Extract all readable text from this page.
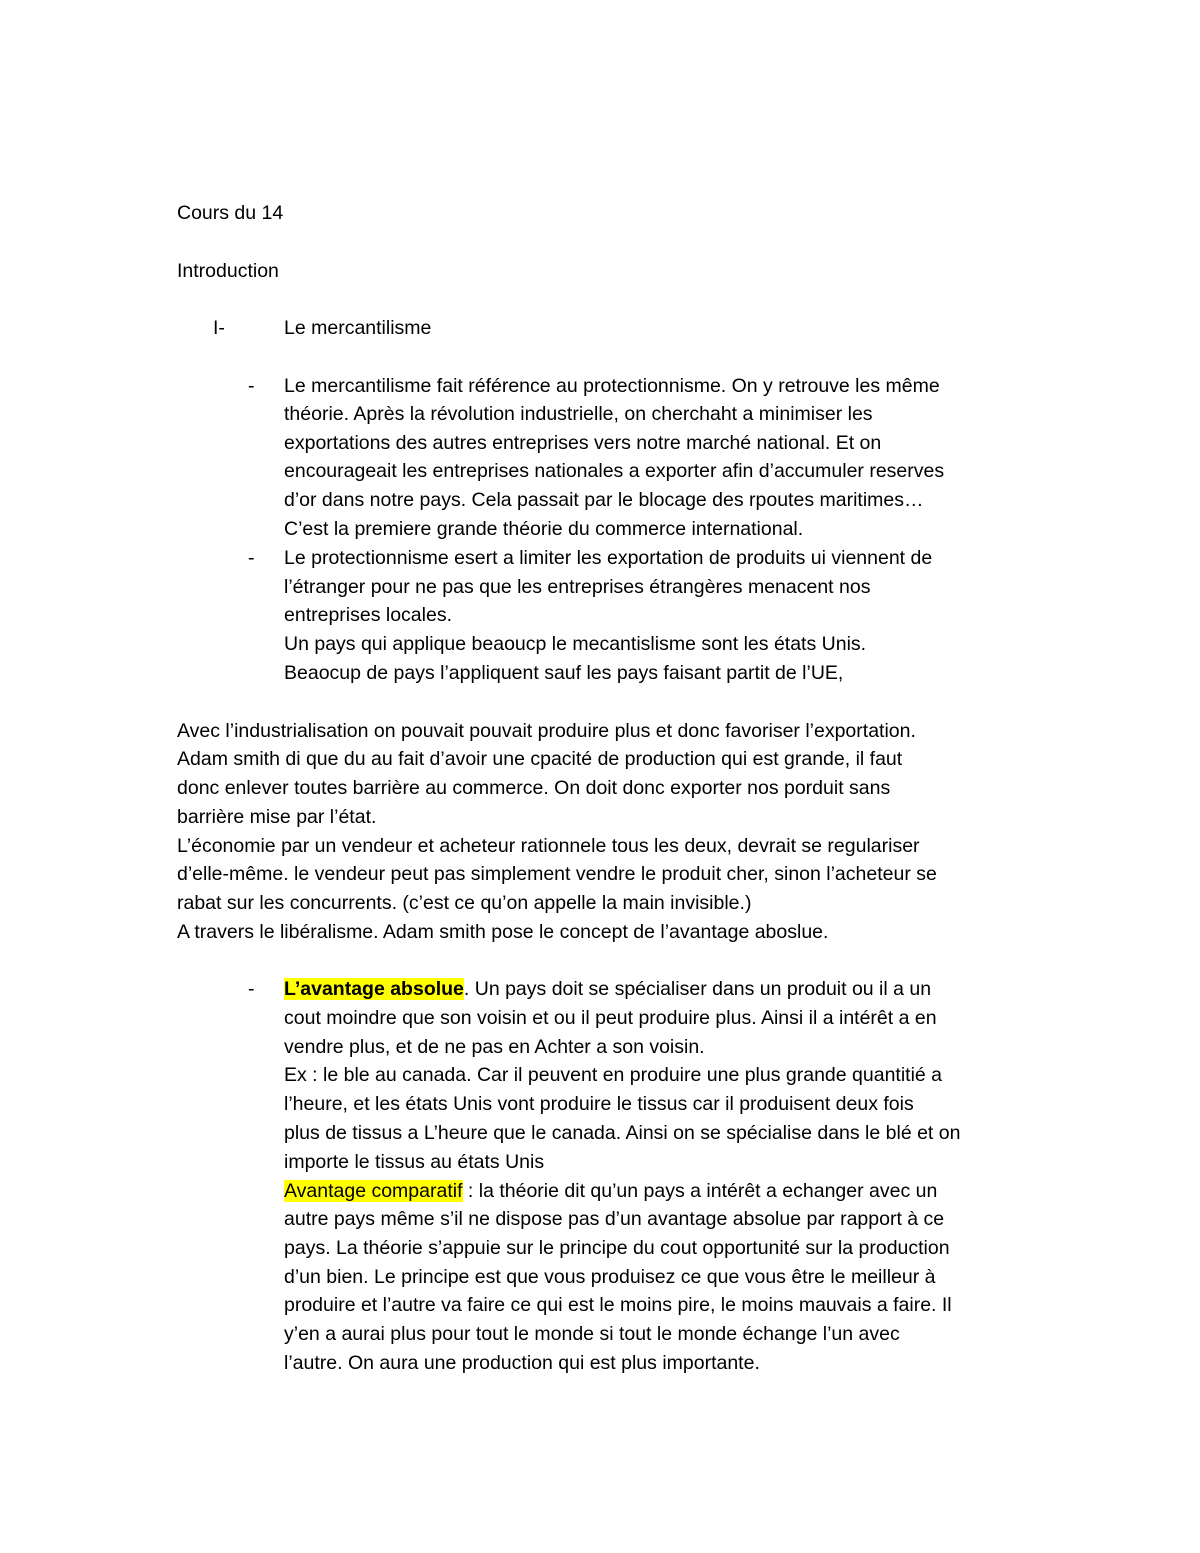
Cours du 14
Introduction
I-	Le mercantilisme
- Le mercantilisme fait référence au protectionnisme. On y retrouve les même
théorie. Après la révolution industrielle, on cherchaht a minimiser les
exportations des autres entreprises vers notre marché national. Et on
encourageait les entreprises nationales a exporter afin d’accumuler reserves
d’or dans notre pays. Cela passait par le blocage des rpoutes maritimes…
C’est la premiere grande théorie du commerce international.
- Le protectionnisme esert a limiter les exportation de produits ui viennent de
l’étranger pour ne pas que les entreprises étrangères menacent nos
entreprises locales.
Un pays qui applique beaoucp le mecantislisme sont les états Unis.
Beaocup de pays l’appliquent sauf les pays faisant partit de l’UE,
Avec l’industrialisation on pouvait pouvait produire plus et donc favoriser l’exportation.
Adam smith di que du au fait d’avoir une cpacité de production qui est grande, il faut
donc enlever toutes barrière au commerce. On doit donc exporter nos porduit sans
barrière mise par l’état.
L’économie par un vendeur et acheteur rationnele tous les deux, devrait se regulariser
d’elle-même. le vendeur peut pas simplement vendre le produit cher, sinon l’acheteur se
rabat sur les concurrents. (c’est ce qu’on appelle la main invisible.)
A travers le libéralisme. Adam smith pose le concept de l’avantage aboslue.
- L’avantage absolue. Un pays doit se spécialiser dans un produit ou il a un
cout moindre que son voisin et ou il peut produire plus. Ainsi il a intérêt a en
vendre plus, et de ne pas en Achter a son voisin.
Ex : le ble au canada. Car il peuvent en produire une plus grande quantitié a
l’heure, et les états Unis vont produire le tissus car il produisent deux fois
plus de tissus a L’heure que le canada. Ainsi on se spécialise dans le blé et on
importe le tissus au états Unis
Avantage comparatif : la théorie dit qu’un pays a intérêt a echanger avec un
autre pays même s’il ne dispose pas d’un avantage absolue par rapport à ce
pays. La théorie s’appuie sur le principe du cout opportunité sur la production
d’un bien. Le principe est que vous produisez ce que vous être le meilleur à
produire et l’autre va faire ce qui est le moins pire, le moins mauvais a faire. Il
y’en a aurai plus pour tout le monde si tout le monde échange l’un avec
l’autre. On aura une production qui est plus importante.
